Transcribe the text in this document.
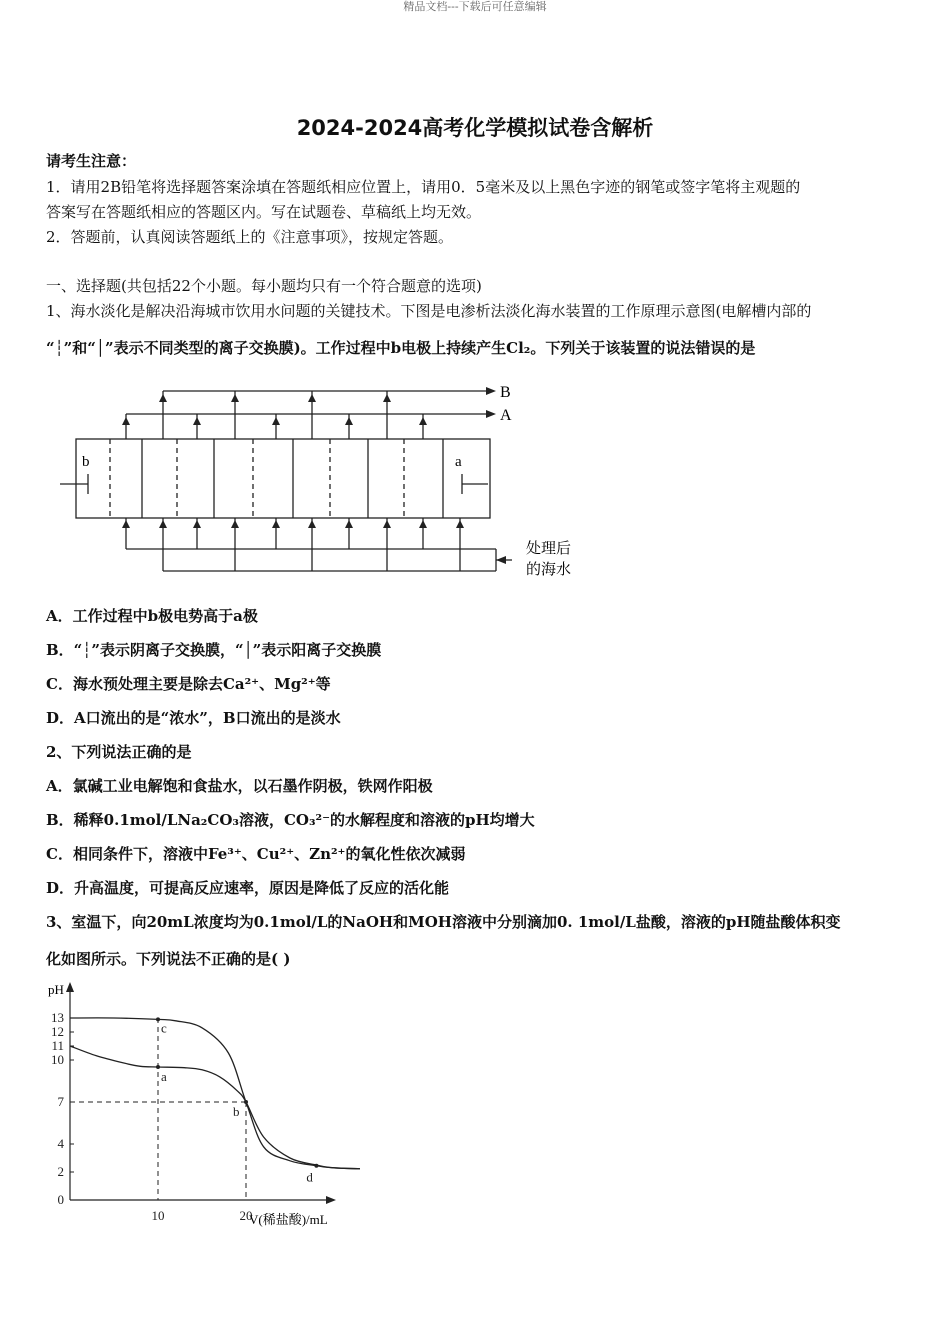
精品文档---下载后可任意编辑
2024-2024高考化学模拟试卷含解析
请考生注意：
1．请用2B铅笔将选择题答案涂填在答题纸相应位置上，请用0．5毫米及以上黑色字迹的钢笔或签字笔将主观题的
答案写在答题纸相应的答题区内。写在试题卷、草稿纸上均无效。
2．答题前，认真阅读答题纸上的《注意事项》，按规定答题。
一、选择题(共包括22个小题。每小题均只有一个符合题意的选项)
1、海水淡化是解决沿海城市饮用水问题的关键技术。下图是电渗析法淡化海水装置的工作原理示意图(电解槽内部的
“┆”和“│”表示不同类型的离子交换膜)。工作过程中b电极上持续产生Cl₂。下列关于该装置的说法错误的是
b	a
B
A
处理后
的海水
A．工作过程中b极电势高于a极
B．“┆”表示阴离子交换膜，“│”表示阳离子交换膜
C．海水预处理主要是除去Ca²⁺、Mg²⁺等
D．A口流出的是“浓水”，B口流出的是淡水
2、下列说法正确的是
A．氯碱工业电解饱和食盐水，以石墨作阴极，铁网作阳极
B．稀释0.1mol/LNa₂CO₃溶液，CO₃²⁻的水解程度和溶液的pH均增大
C．相同条件下，溶液中Fe³⁺、Cu²⁺、Zn²⁺的氧化性依次减弱
D．升高温度，可提高反应速率，原因是降低了反应的活化能
3、室温下，向20mL浓度均为0.1mol/L的NaOH和MOH溶液中分别滴加0. 1mol/L盐酸，溶液的pH随盐酸体积变
化如图所示。下列说法不正确的是( )
0
2
4
7
10
11
12
13
10	20
a
b
c
d
pH
V(稀盐酸)/mL
